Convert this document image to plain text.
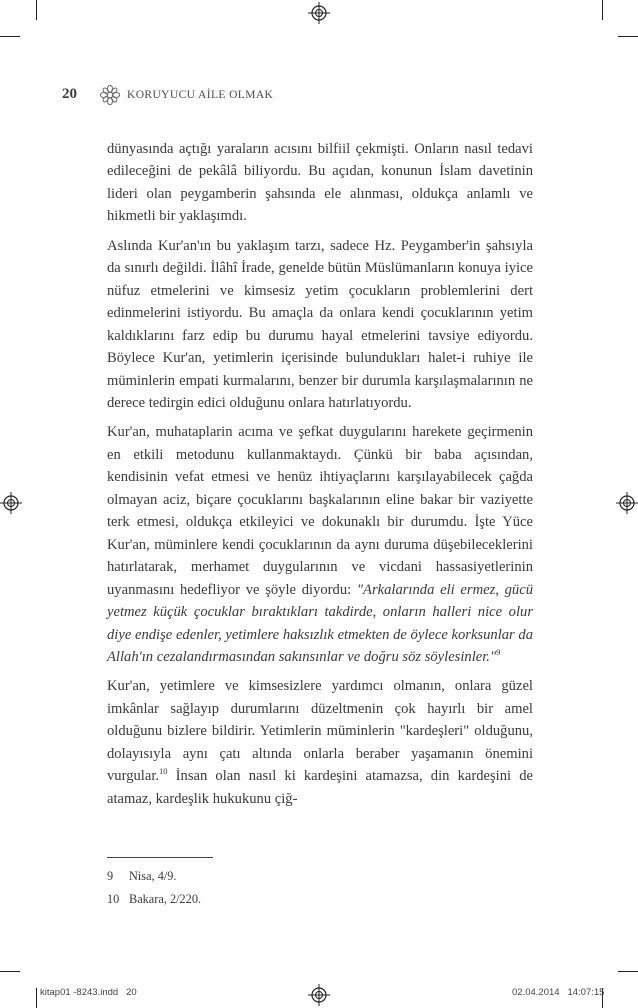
20	KORUYUCU AİLE OLMAK

dünyasında açtığı yaraların acısını bilfiil çekmişti. Onların nasıl tedavi edileceğini de pekâlâ biliyordu. Bu açıdan, konunun İslam davetinin lideri olan peygamberin şahsında ele alınması, oldukça anlamlı ve hikmetli bir yaklaşımdı.

Aslında Kur'an'ın bu yaklaşım tarzı, sadece Hz. Peygamber'in şahsıyla da sınırlı değildi. İlâhî İrade, genelde bütün Müslümanların konuya iyice nüfuz etmelerini ve kimsesiz yetim çocukların problemlerini dert edinmelerini istiyordu. Bu amaçla da onlara kendi çocuklarının yetim kaldıklarını farz edip bu durumu hayal etmelerini tavsiye ediyordu. Böylece Kur'an, yetimlerin içerisinde bulundukları halet-i ruhiye ile müminlerin empati kurmalarını, benzer bir durumla karşılaşmalarının ne derece tedirgin edici olduğunu onlara hatırlatıyordu.

Kur'an, muhataplarin acıma ve şefkat duygularını harekete geçirmenin en etkili metodunu kullanmaktaydı. Çünkü bir baba açısından, kendisinin vefat etmesi ve henüz ihtiyaçlarını karşılayabilecek çağda olmayan aciz, biçare çocuklarını başkalarının eline bakar bir vaziyette terk etmesi, oldukça etkileyici ve dokunaklı bir durumdu. İşte Yüce Kur'an, müminlere kendi çocuklarının da aynı duruma düşebileceklerini hatırlatarak, merhamet duygularının ve vicdani hassasiyetlerinin uyanmasını hedefliyor ve şöyle diyordu: "Arkalarında eli ermez, gücü yetmez küçük çocuklar bıraktıkları takdirde, onların halleri nice olur diye endişe edenler, yetimlere haksızlık etmekten de öylece korksunlar da Allah'ın cezalandırmasından sakınsınlar ve doğru söz söylesinler."$^9$

Kur'an, yetimlere ve kimsesizlere yardımcı olmanın, onlara güzel imkânlar sağlayıp durumlarını düzeltmenin çok hayırlı bir amel olduğunu bizlere bildirir. Yetimlerin müminlerin "kardeşleri" olduğunu, dolayısıyla aynı çatı altında onlarla beraber yaşamanın önemini vurgular.$^{10}$ İnsan olan nasıl ki kardeşini atamazsa, din kardeşini de atamaz, kardeşlik hukukunu çiğ-

9	Nisa, 4/9.
10 Bakara, 2/220.
kitap01 -8243.indd   20	02.04.2014   14:07:15
